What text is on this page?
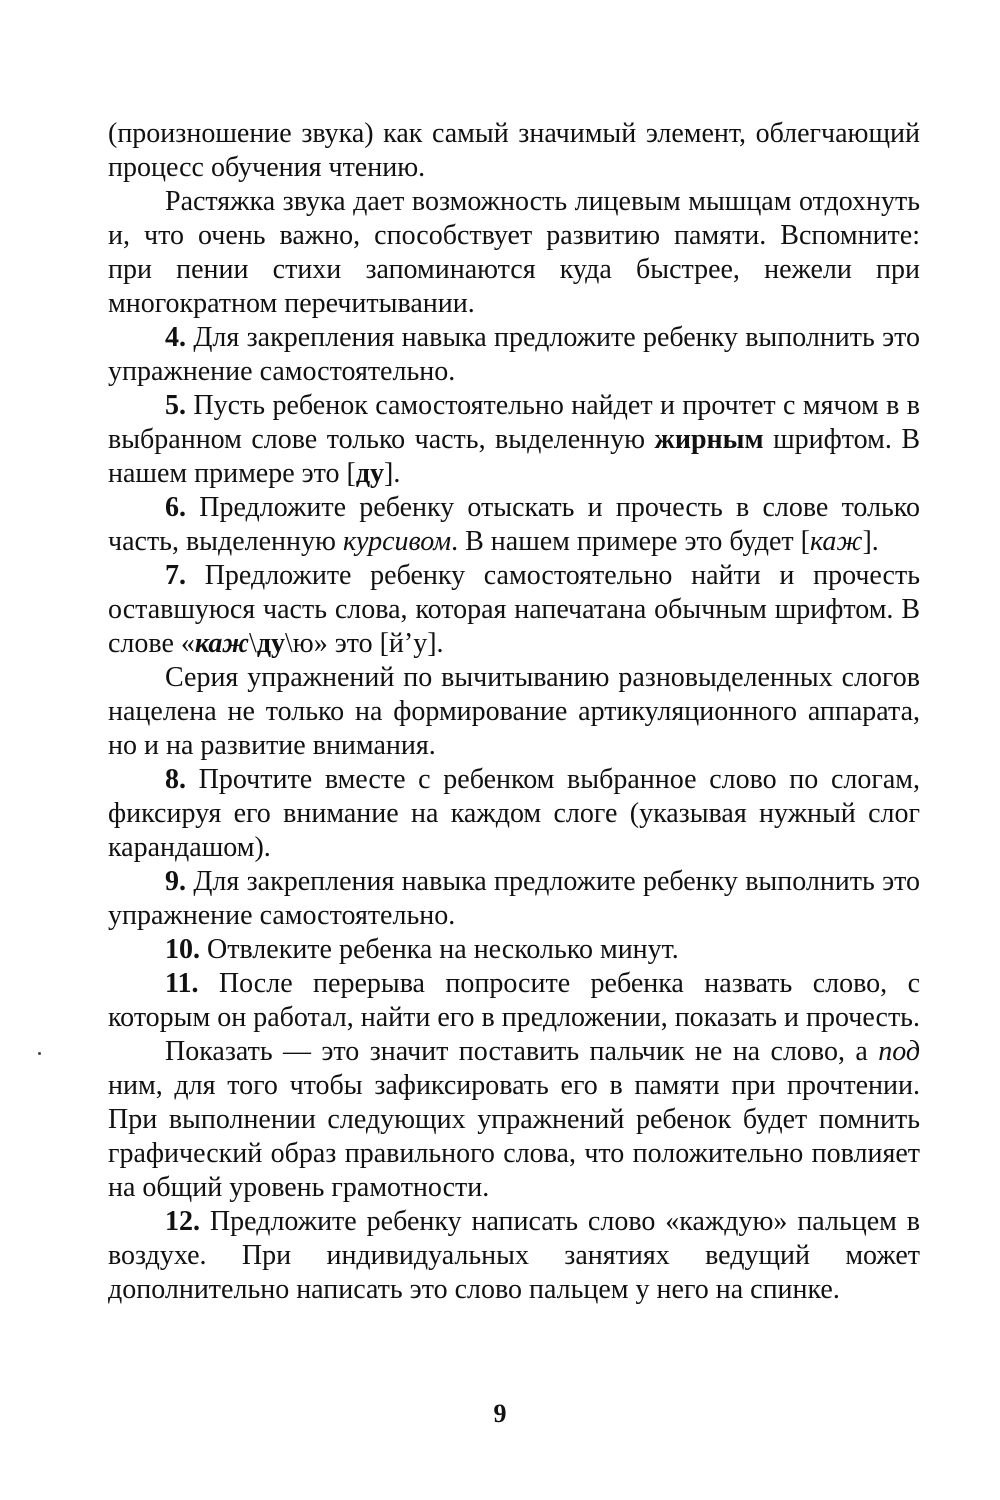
(произношение звука) как самый значимый элемент, облегчающий процесс обучения чтению.

Растяжка звука дает возможность лицевым мышцам отдохнуть и, что очень важно, способствует развитию памяти. Вспомните: при пении стихи запоминаются куда быстрее, нежели при многократном перечитывании.

4. Для закрепления навыка предложите ребенку выполнить это упражнение самостоятельно.

5. Пусть ребенок самостоятельно найдет и прочтет с мячом в в выбранном слове только часть, выделенную жирным шрифтом. В нашем примере это [ду].

6. Предложите ребенку отыскать и прочесть в слове только часть, выделенную курсивом. В нашем примере это будет [каж].

7. Предложите ребенку самостоятельно найти и прочесть оставшуюся часть слова, которая напечатана обычным шрифтом. В слове «каж\ду\ю» это [й’у].

Серия упражнений по вычитыванию разновыделенных слогов нацелена не только на формирование артикуляционного аппарата, но и на развитие внимания.

8. Прочтите вместе с ребенком выбранное слово по слогам, фиксируя его внимание на каждом слоге (указывая нужный слог карандашом).

9. Для закрепления навыка предложите ребенку выполнить это упражнение самостоятельно.

10. Отвлеките ребенка на несколько минут.

11. После перерыва попросите ребенка назвать слово, с которым он работал, найти его в предложении, показать и прочесть.

Показать — это значит поставить пальчик не на слово, а под ним, для того чтобы зафиксировать его в памяти при прочтении. При выполнении следующих упражнений ребенок будет помнить графический образ правильного слова, что положительно повлияет на общий уровень грамотности.

12. Предложите ребенку написать слово «каждую» пальцем в воздухе. При индивидуальных занятиях ведущий может дополнительно написать это слово пальцем у него на спинке.

9
